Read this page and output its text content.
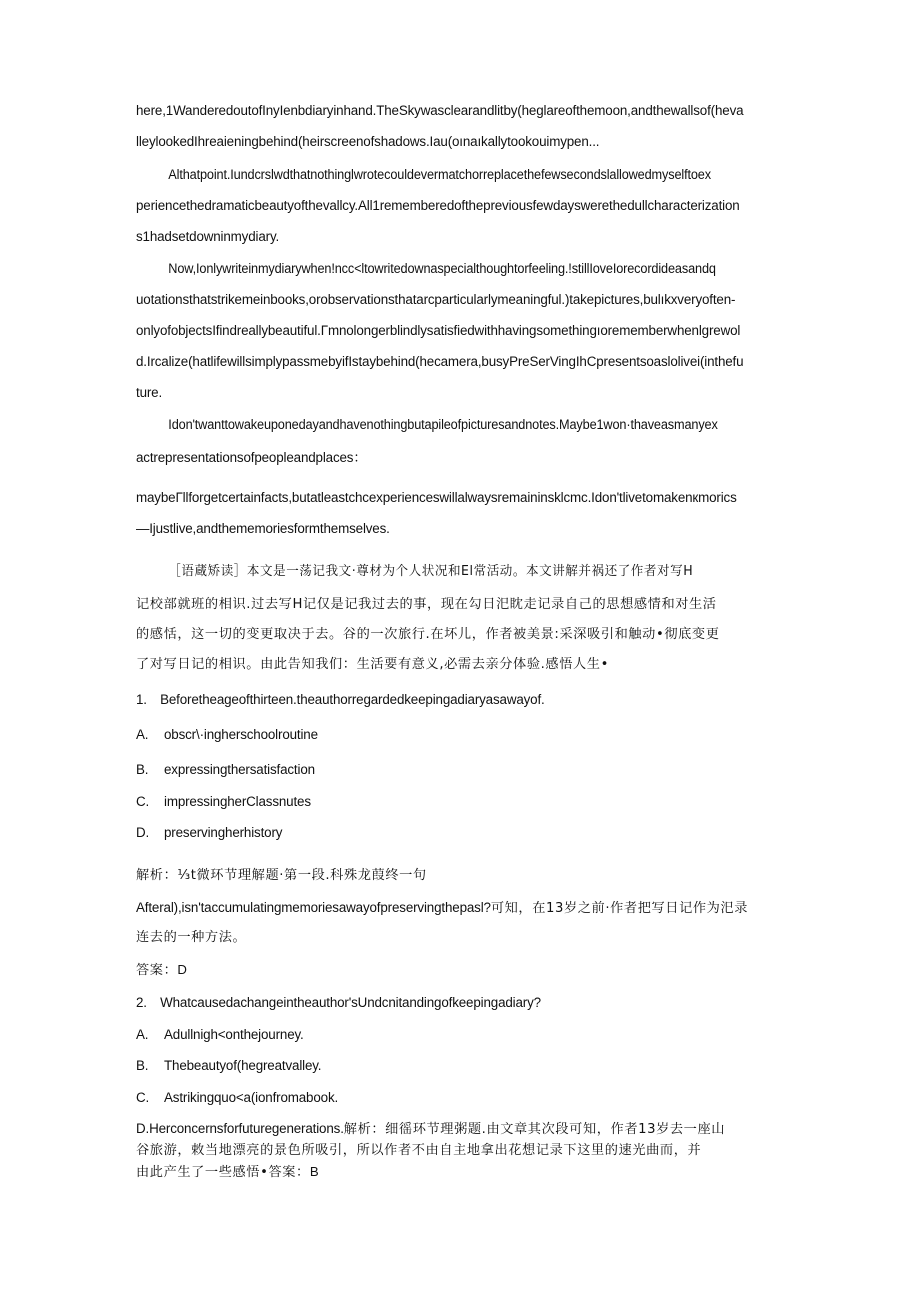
here,1WanderedoutofInyIenbdiaryinhand.TheSkywasclearandlitby(heglareofthemoon,andthewallsof(heva
lleylookedIhreaieningbehind(heirscreenofshadows.Iau(oınaıkallytookouimypen...
Althatpoint.Iundcrslwdthatnothinglwrotecouldevermatchorreplacethefewsecondslallowedmyselftoex
periencethedramaticbeautyofthevallcy.All1rememberedofthepreviousfewdayswerethedullcharacterization
s1hadsetdowninmydiary.
Now,Ionlywriteinmydiarywhen!ncc<ltowritedownaspecialthoughtorfeeling.!stillIoveIorecordideasandq
uotationsthatstrikemeinbooks,orobservationsthatarcparticularlymeaningful.)takepictures,bulıkxveryoften-
onlyofobjectsIfindreallybeautiful.Γmnolongerblindlysatisfiedwithhavingsomethingıorememberwhenlgrewol
d.Ircalize(hatlifewillsimplypassmebyifIstaybehind(hecamera,busyPreSerVingIhCpresentsoaslolivei(inthefu
ture.
Idon'twanttowakeuponedayandhavenothingbutapileofpicturesandnotes.Maybe1won·thaveasmanyex
actrepresentationsofpeopleandplaces：
maybeΓllforgetcertainfacts,butatleastchcexperienceswillalwaysremaininsklcmc.Idon'tlivetomakenкmorics
—Ijustlive,andthememoriesformthemselves.
［语蔵矫读］本文是一荡记我文·尊材为个人状况和El常活动。本文讲解并祸还了作者对写H
记校部就班的相识.过去写H记仅是记我过去的事，现在勾日汜眈走记录自己的思想感情和对生活
的感恬，这一切的变更取决于去。谷的一次旅行.在坏儿，作者被美景:采深吸引和触动•彻底变更
了对写日记的相识。由此告知我们：生活要有意义,必需去亲分体验.感悟人生•
1.　Beforetheageofthirteen.theauthorregardedkeepingadiaryasawayof.
A. obscr\·ingherschoolroutine
B. expressingthersatisfaction
C. impressingherClassnutes
D. preservingherhistory
解析：⅓t微环节理解题·第一段.科殊龙葭终一句
Afteral),isn'taccumulatingmemoriesawayofpreservingthepasl?可知，在13岁之前·作者把写日记作为汜录
连去的一种方法。
答案：D
2.　Whatcausedachangeintheauthor'sUndcnitandingofkeepingadiary?
A. Adullnigh<onthejourney.
B. Thebeautyof(hegreatvalley.
C. Astrikingquo<a(ionfromabook.
D.Herconcernsforfuturegenerations.解析：细徭环节理粥题.由文章其次段可知，作者13岁去一座山
谷旅游，敕当地漂亮的景色所吸引，所以作者不由自主地拿出花想记录下这里的速光曲而，并
由此产生了一些感悟•答案：B
